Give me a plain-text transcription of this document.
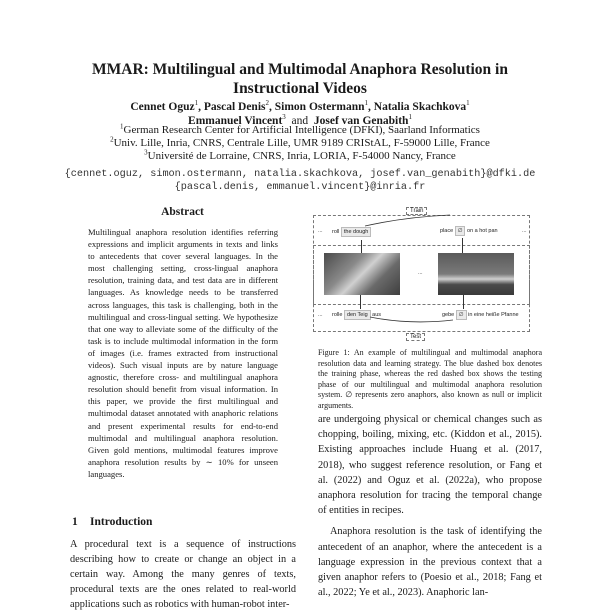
MMAR: Multilingual and Multimodal Anaphora Resolution in
Instructional Videos
Cennet Oguz$^1$, Pascal Denis$^2$, Simon Ostermann$^1$, Natalia Skachkova$^1$
Emmanuel Vincent$^3$ and Josef van Genabith$^1$
$^1$German Research Center for Artificial Intelligence (DFKI), Saarland Informatics
$^2$Univ. Lille, Inria, CNRS, Centrale Lille, UMR 9189 CRIStAL, F-59000 Lille, France
$^3$Université de Lorraine, CNRS, Inria, LORIA, F-54000 Nancy, France
{cennet.oguz, simon.ostermann, natalia.skachkova, josef.van_genabith}@dfki.de
{pascal.denis, emmanuel.vincent}@inria.fr
Abstract
Multilingual anaphora resolution identifies referring expressions and implicit arguments in texts and links to antecedents that cover several languages. In the most challenging setting, cross-lingual anaphora resolution, training data, and test data are in different languages. As knowledge needs to be transferred across languages, this task is challenging, both in the multilingual and cross-lingual setting. We hypothesize that one way to alleviate some of the difficulty of the task is to include multimodal information in the form of images (i.e. frames extracted from instructional videos). Such visual inputs are by nature language agnostic, therefore cross- and multilingual anaphora resolution should benefit from visual information. In this paper, we provide the first multilingual and multimodal dataset annotated with anaphoric relations and present experimental results for end-to-end multimodal and multilingual anaphora resolution. Given gold mentions, multimodal features improve anaphora resolution results by ∼ 10% for unseen languages.
1 Introduction
A procedural text is a sequence of instructions describing how to create or change an object in a certain way. Among the many genres of texts, procedural texts are the ones related to real-world applications such as robotics with human-robot inter-
Train
Test
... roll the dough	place ∅ on a hot pan	...
...
... rolle den Teig aus	gebe ∅ in eine heiße Pfanne
Figure 1: An example of multilingual and multimodal anaphora resolution data and learning strategy. The blue dashed box denotes the training phase, whereas the red dashed box shows the testing phase of our multilingual and multimodal anaphora resolution system. ∅ represents zero anaphors, also known as null or implicit arguments.

are undergoing physical or chemical changes such as chopping, boiling, mixing, etc. (Kiddon et al., 2015). Existing approaches include Huang et al. (2017, 2018), who suggest reference resolution, or Fang et al. (2022) and Oguz et al. (2022a), who propose anaphora resolution for tracing the temporal change of entities in recipes.

Anaphora resolution is the task of identifying the antecedent of an anaphor, where the antecedent is a language expression in the previous context that a given anaphor refers to (Poesio et al., 2018; Fang et al., 2022; Ye et al., 2023). Anaphoric lan-
